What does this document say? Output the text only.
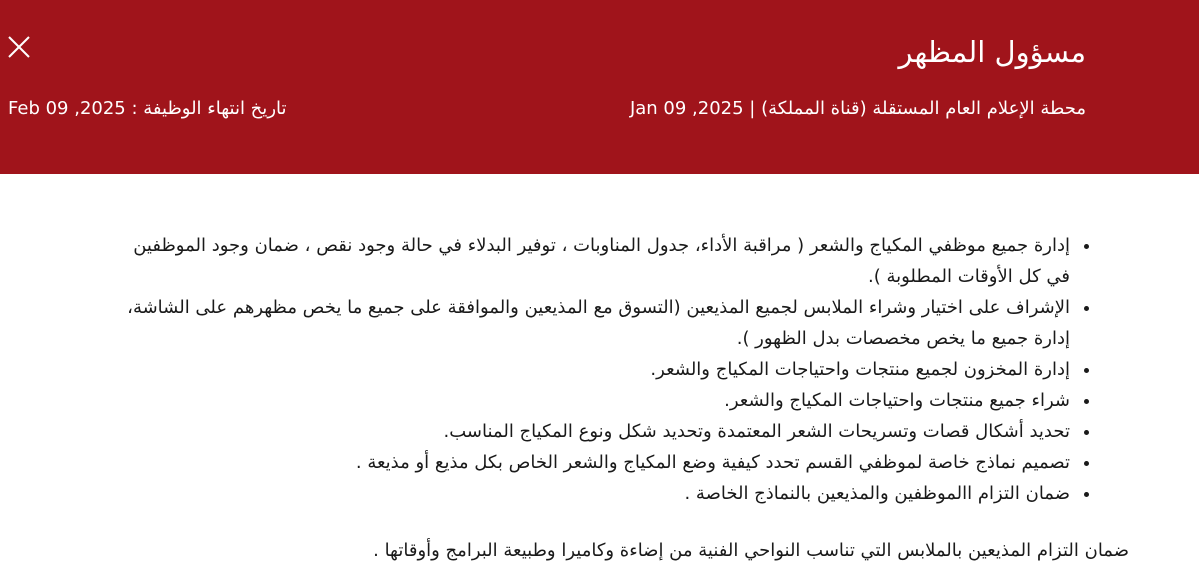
مسؤول المظهر
محطة الإعلام العام المستقلة (قناة المملكة) | Jan 09 ,2025
تاريخ انتهاء الوظيفة : Feb 09 ,2025
• إدارة جميع موظفي المكياج والشعر ( مراقبة الأداء، جدول المناوبات ، توفير البدلاء في حالة وجود نقص ، ضمان وجود الموظفين في كل الأوقات المطلوبة ).
• الإشراف على اختيار وشراء الملابس لجميع المذيعين (التسوق مع المذيعين والموافقة على جميع ما يخص مظهرهم على الشاشة، إدارة جميع ما يخص مخصصات بدل الظهور ).
• إدارة المخزون لجميع منتجات واحتياجات المكياج والشعر.
• شراء جميع منتجات واحتياجات المكياج والشعر.
• تحديد أشكال قصات وتسريحات الشعر المعتمدة وتحديد شكل ونوع المكياج المناسب.
• تصميم نماذج خاصة لموظفي القسم تحدد كيفية وضع المكياج والشعر الخاص بكل مذيع أو مذيعة .
• ضمان التزام االموظفين والمذيعين بالنماذج الخاصة .

ضمان التزام المذيعين بالملابس التي تناسب النواحي الفنية من إضاءة وكاميرا وطبيعة البرامج وأوقاتها .
